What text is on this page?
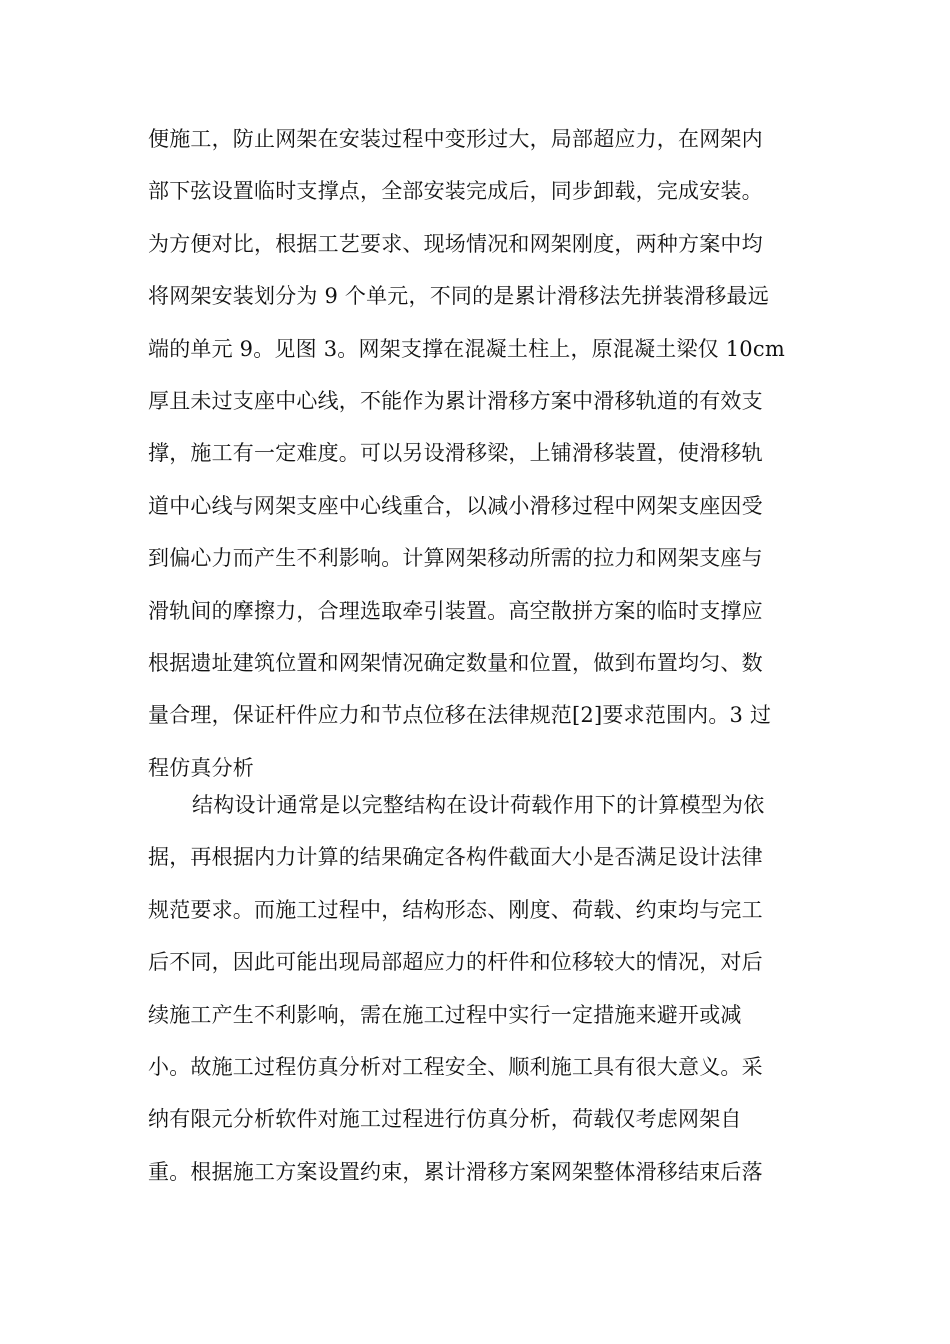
便施工，防止网架在安装过程中变形过大，局部超应力，在网架内
部下弦设置临时支撑点，全部安装完成后，同步卸载，完成安装。
为方便对比，根据工艺要求、现场情况和网架刚度，两种方案中均
将网架安装划分为 9 个单元，不同的是累计滑移法先拼装滑移最远
端的单元 9。见图 3。网架支撑在混凝土柱上，原混凝土梁仅 10cm
厚且未过支座中心线，不能作为累计滑移方案中滑移轨道的有效支
撑，施工有一定难度。可以另设滑移梁，上铺滑移装置，使滑移轨
道中心线与网架支座中心线重合，以减小滑移过程中网架支座因受
到偏心力而产生不利影响。计算网架移动所需的拉力和网架支座与
滑轨间的摩擦力，合理选取牵引装置。高空散拼方案的临时支撑应
根据遗址建筑位置和网架情况确定数量和位置，做到布置均匀、数
量合理，保证杆件应力和节点位移在法律规范[2]要求范围内。3 过
程仿真分析
结构设计通常是以完整结构在设计荷载作用下的计算模型为依
据，再根据内力计算的结果确定各构件截面大小是否满足设计法律
规范要求。而施工过程中，结构形态、刚度、荷载、约束均与完工
后不同，因此可能出现局部超应力的杆件和位移较大的情况，对后
续施工产生不利影响，需在施工过程中实行一定措施来避开或减
小。故施工过程仿真分析对工程安全、顺利施工具有很大意义。采
纳有限元分析软件对施工过程进行仿真分析，荷载仅考虑网架自
重。根据施工方案设置约束，累计滑移方案网架整体滑移结束后落
